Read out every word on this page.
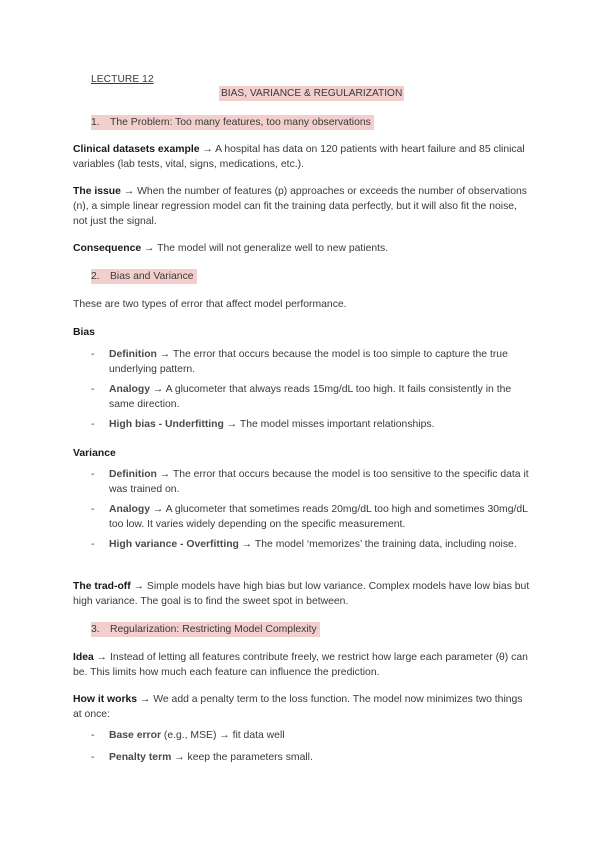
LECTURE 12
BIAS, VARIANCE & REGULARIZATION
1. The Problem: Too many features, too many observations

Clinical datasets example → A hospital has data on 120 patients with heart failure and 85 clinical variables (lab tests, vital, signs, medications, etc.).

The issue → When the number of features (p) approaches or exceeds the number of observations (n), a simple linear regression model can fit the training data perfectly, but it will also fit the noise, not just the signal.

Consequence → The model will not generalize well to new patients.

2. Bias and Variance

These are two types of error that affect model performance.

Bias

- Definition → The error that occurs because the model is too simple to capture the true underlying pattern.
- Analogy → A glucometer that always reads 15mg/dL too high. It fails consistently in the same direction.
- High bias - Underfitting → The model misses important relationships.

Variance

- Definition → The error that occurs because the model is too sensitive to the specific data it was trained on.
- Analogy → A glucometer that sometimes reads 20mg/dL too high and sometimes 30mg/dL too low. It varies widely depending on the specific measurement.
- High variance - Overfitting → The model ‘memorizes’ the training data, including noise.

The trad-off → Simple models have high bias but low variance. Complex models have low bias but high variance. The goal is to find the sweet spot in between.

3. Regularization: Restricting Model Complexity

Idea → Instead of letting all features contribute freely, we restrict how large each parameter (θ) can be. This limits how much each feature can influence the prediction.

How it works → We add a penalty term to the loss function. The model now minimizes two things at once:

- Base error (e.g., MSE) → fit data well
- Penalty term → keep the parameters small.
